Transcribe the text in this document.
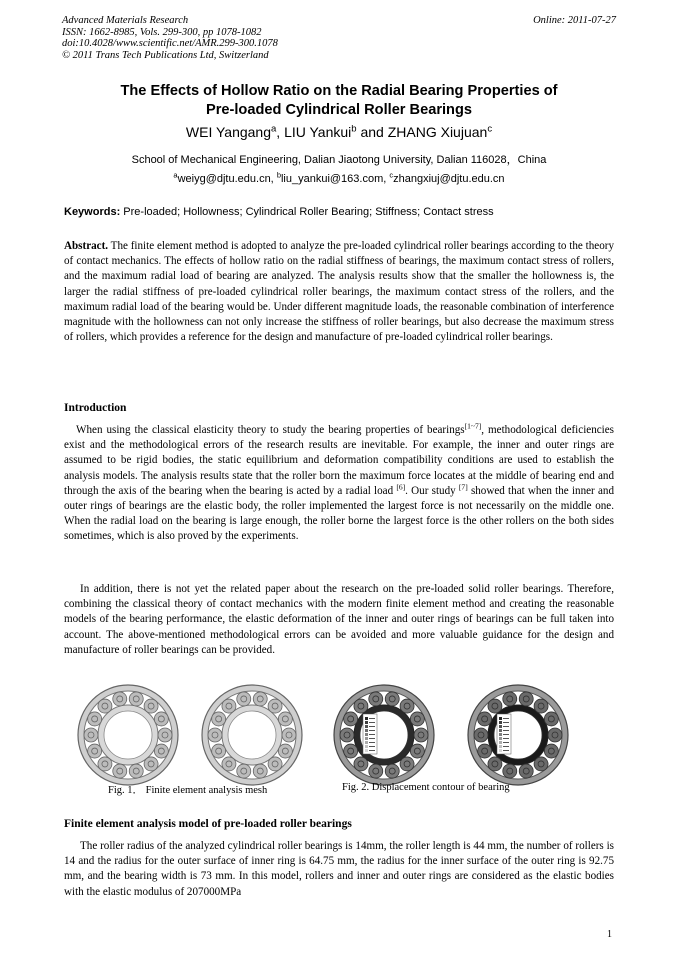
Advanced Materials Research
ISSN: 1662-8985, Vols. 299-300, pp 1078-1082
doi:10.4028/www.scientific.net/AMR.299-300.1078
© 2011 Trans Tech Publications Ltd, Switzerland
Online: 2011-07-27
The Effects of Hollow Ratio on the Radial Bearing Properties of
Pre-loaded Cylindrical Roller Bearings
WEI Yangang$^a$, LIU Yankui$^b$ and ZHANG Xiujuan$^c$
School of Mechanical Engineering, Dalian Jiaotong University, Dalian 116028，China
$^a$weiyg@djtu.edu.cn, $^b$liu_yankui@163.com, $^c$zhangxiuj@djtu.edu.cn
Keywords: Pre-loaded; Hollowness; Cylindrical Roller Bearing; Stiffness; Contact stress
Abstract. The finite element method is adopted to analyze the pre-loaded cylindrical roller bearings according to the theory of contact mechanics. The effects of hollow ratio on the radial stiffness of bearings, the maximum contact stress of rollers, and the maximum radial load of bearing are analyzed. The analysis results show that the smaller the hollowness is, the larger the radial stiffness of pre-loaded cylindrical roller bearings, the maximum contact stress of the rollers, and the maximum radial load of the bearing would be. Under different magnitude loads, the reasonable combination of interference magnitude with the hollowness can not only increase the stiffness of roller bearings, but also decrease the maximum stress of rollers, which provides a reference for the design and manufacture of pre-loaded cylindrical roller bearings.
Introduction
When using the classical elasticity theory to study the bearing properties of bearings[1~7], methodological deficiencies exist and the methodological errors of the research results are inevitable. For example, the inner and outer rings are assumed to be rigid bodies, the static equilibrium and deformation compatibility conditions are used to establish the analysis models. The analysis results state that the roller born the maximum force locates at the middle of bearing end and through the axis of the bearing when the bearing is acted by a radial load [6]. Our study [7] showed that when the inner and outer rings of bearings are the elastic body, the roller implemented the largest force is not necessarily on the middle one. When the radial load on the bearing is large enough, the roller borne the largest force is the other rollers on the both sides sometimes, which is also proved by the experiments.
In addition, there is not yet the related paper about the research on the pre-loaded solid roller bearings. Therefore, combining the classical theory of contact mechanics with the modern finite element method and creating the reasonable models of the bearing performance, the elastic deformation of the inner and outer rings of bearings can be full taken into account. The above-mentioned methodological errors can be avoided and more valuable guidance for the design and manufacture of roller bearings can be provided.
Fig. 1． Finite element analysis mesh	Fig. 2. Displacement contour of bearing
Finite element analysis model of pre-loaded roller bearings
The roller radius of the analyzed cylindrical roller bearings is 14mm, the roller length is 44 mm, the number of rollers is 14 and the radius for the outer surface of inner ring is 64.75 mm, the radius for the inner surface of the outer ring is 92.75 mm, and the bearing width is 73 mm. In this model, rollers and inner and outer rings are considered as the elastic bodies with the elastic modulus of 207000MPa
1
